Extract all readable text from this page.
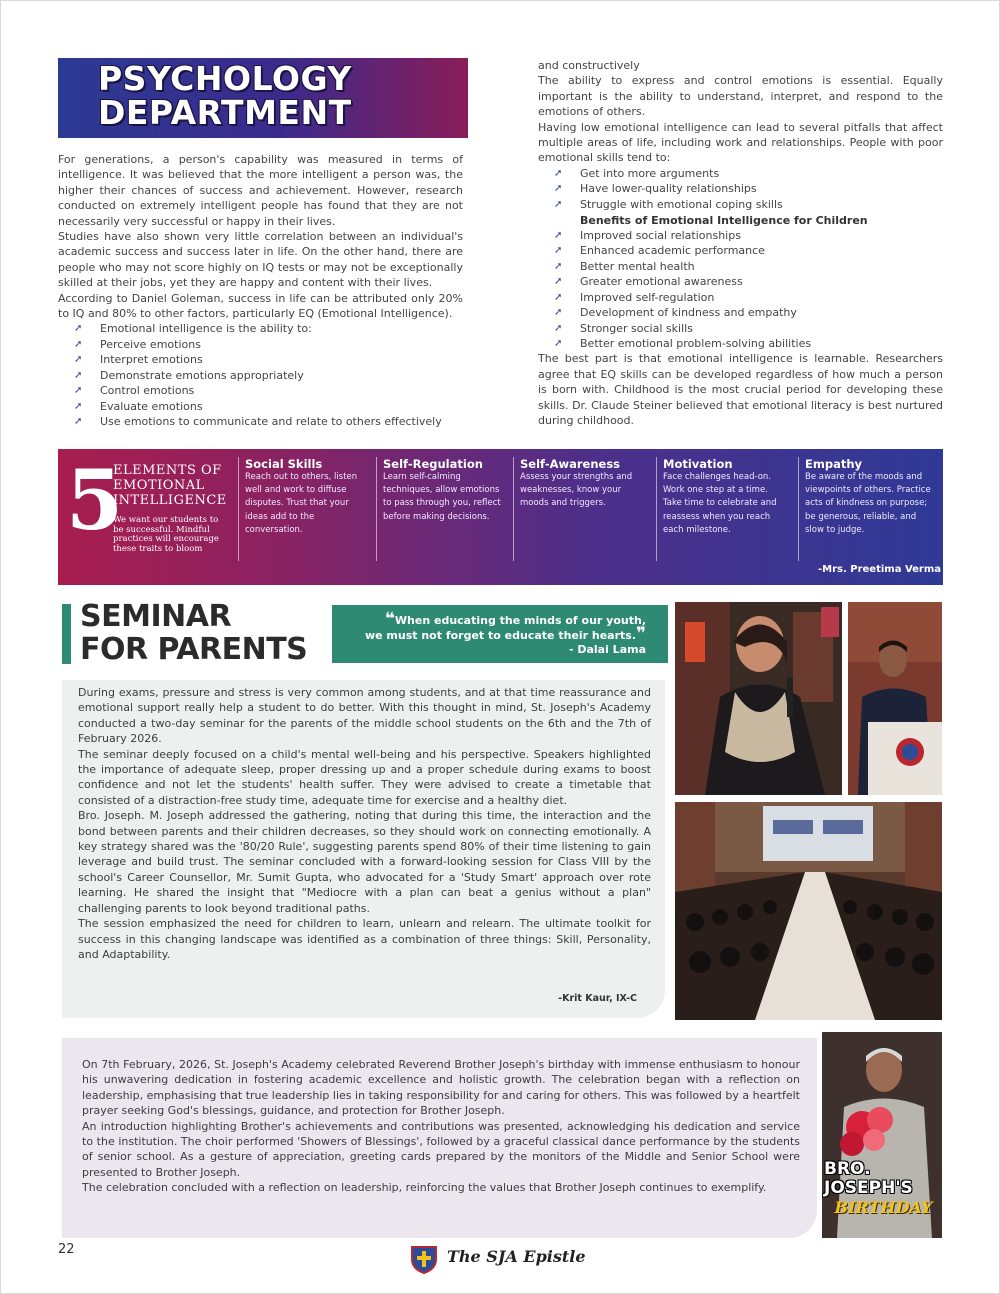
PSYCHOLOGY
DEPARTMENT

For generations, a person's capability was measured in terms of intelligence. It was believed that the more intelligent a person was, the higher their chances of success and achievement. However, research conducted on extremely intelligent people has found that they are not necessarily very successful or happy in their lives.

Studies have also shown very little correlation between an individual's academic success and success later in life. On the other hand, there are people who may not score highly on IQ tests or may not be exceptionally skilled at their jobs, yet they are happy and content with their lives.

According to Daniel Goleman, success in life can be attributed only 20% to IQ and 80% to other factors, particularly EQ (Emotional Intelligence).

➚ Emotional intelligence is the ability to:
➚ Perceive emotions
➚ Interpret emotions
➚ Demonstrate emotions appropriately
➚ Control emotions
➚ Evaluate emotions
➚ Use emotions to communicate and relate to others effectively

and constructively

The ability to express and control emotions is essential. Equally important is the ability to understand, interpret, and respond to the emotions of others.

Having low emotional intelligence can lead to several pitfalls that affect multiple areas of life, including work and relationships. People with poor emotional skills tend to:

➚ Get into more arguments
➚ Have lower-quality relationships
➚ Struggle with emotional coping skills
Benefits of Emotional Intelligence for Children
➚ Improved social relationships
➚ Enhanced academic performance
➚ Better mental health
➚ Greater emotional awareness
➚ Improved self-regulation
➚ Development of kindness and empathy
➚ Stronger social skills
➚ Better emotional problem-solving abilities

The best part is that emotional intelligence is learnable. Researchers agree that EQ skills can be developed regardless of how much a person is born with. Childhood is the most crucial period for developing these skills. Dr. Claude Steiner believed that emotional literacy is best nurtured during childhood.

5
ELEMENTS OF EMOTIONAL INTELLIGENCE
We want our students to be successful. Mindful practices will encourage these traits to bloom
Social Skills

Reach out to others, listen well and work to diffuse disputes. Trust that your ideas add to the conversation.

Self-Regulation

Learn self-calming techniques, allow emotions to pass through you, reflect before making decisions.

Self-Awareness

Assess your strengths and weaknesses, know your moods and triggers.

Motivation

Face challenges head-on. Work one step at a time. Take time to celebrate and reassess when you reach each milestone.

Empathy

Be aware of the moods and viewpoints of others. Practice acts of kindness on purpose; be generous, reliable, and slow to judge.

-Mrs. Preetima Verma
SEMINAR
FOR PARENTS
❝When educating the minds of our youth,
we must not forget to educate their hearts.❞
- Dalai Lama

During exams, pressure and stress is very common among students, and at that time reassurance and emotional support really help a student to do better. With this thought in mind, St. Joseph's Academy conducted a two-day seminar for the parents of the middle school students on the 6th and the 7th of February 2026.

The seminar deeply focused on a child's mental well-being and his perspective. Speakers highlighted the importance of adequate sleep, proper dressing up and a proper schedule during exams to boost confidence and not let the students' health suffer. They were advised to create a timetable that consisted of a distraction-free study time, adequate time for exercise and a healthy diet.

Bro. Joseph. M. Joseph addressed the gathering, noting that during this time, the interaction and the bond between parents and their children decreases, so they should work on connecting emotionally. A key strategy shared was the '80/20 Rule', suggesting parents spend 80% of their time listening to gain leverage and build trust. The seminar concluded with a forward-looking session for Class VIII by the school's Career Counsellor, Mr. Sumit Gupta, who advocated for a 'Study Smart' approach over rote learning. He shared the insight that "Mediocre with a plan can beat a genius without a plan" challenging parents to look beyond traditional paths.

The session emphasized the need for children to learn, unlearn and relearn. The ultimate toolkit for success in this changing landscape was identified as a combination of three things: Skill, Personality, and Adaptability.

-Krit Kaur, IX-C

On 7th February, 2026, St. Joseph's Academy celebrated Reverend Brother Joseph's birthday with immense enthusiasm to honour his unwavering dedication in fostering academic excellence and holistic growth. The celebration began with a reflection on leadership, emphasising that true leadership lies in taking responsibility for and caring for others. This was followed by a heartfelt prayer seeking God's blessings, guidance, and protection for Brother Joseph.

An introduction highlighting Brother's achievements and contributions was presented, acknowledging his dedication and service to the institution. The choir performed 'Showers of Blessings', followed by a graceful classical dance performance by the students of senior school. As a gesture of appreciation, greeting cards prepared by the monitors of the Middle and Senior School were presented to Brother Joseph.

The celebration concluded with a reflection on leadership, reinforcing the values that Brother Joseph continues to exemplify.

BRO.
JOSEPH'S
BIRTHDAY
22	The SJA Epistle
